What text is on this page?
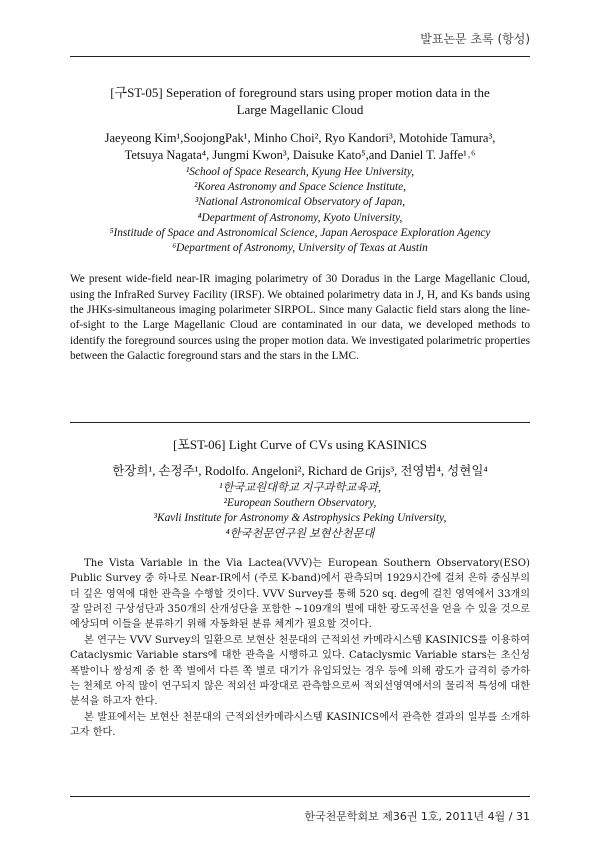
발표논문 초록 (항성)
[구ST-05] Seperation of foreground stars using proper motion data in the
Large Magellanic Cloud
Jaeyeong Kim¹,SoojongPak¹, Minho Choi², Ryo Kandori³, Motohide Tamura³,
Tetsuya Nagata⁴, Jungmi Kwon³, Daisuke Kato⁵,and Daniel T. Jaffe¹˒⁶
¹School of Space Research, Kyung Hee University,
²Korea Astronomy and Space Science Institute,
³National Astronomical Observatory of Japan,
⁴Department of Astronomy, Kyoto University,
⁵Institude of Space and Astronomical Science, Japan Aerospace Exploration Agency
⁶Department of Astronomy, University of Texas at Austin
We present wide-field near-IR imaging polarimetry of 30 Doradus in the Large Magellanic Cloud, using the InfraRed Survey Facility (IRSF). We obtained polarimetry data in J, H, and Ks bands using the JHKs-simultaneous imaging polarimeter SIRPOL. Since many Galactic field stars along the line-of-sight to the Large Magellanic Cloud are contaminated in our data, we developed methods to identify the foreground sources using the proper motion data. We investigated polarimetric properties between the Galactic foreground stars and the stars in the LMC.
[포ST-06] Light Curve of CVs using KASINICS
한장희¹, 손정주¹, Rodolfo. Angeloni², Richard de Grijs³, 전영범⁴, 성현일⁴
¹한국교원대학교 지구과학교육과,
²European Southern Observatory,
³Kavli Institute for Astronomy & Astrophysics Peking University,
⁴한국천문연구원 보현산천문대

The Vista Variable in the Via Lactea(VVV)는 European Southern Observatory(ESO) Public Survey 중 하나로 Near-IR에서 (주로 K-band)에서 관측되며 1929시간에 걸쳐 은하 중심부의 더 깊은 영역에 대한 관측을 수행할 것이다. VVV Survey를 통해 520 sq. deg에 걸친 영역에서 33개의 잘 알려진 구상성단과 350개의 산개성단을 포함한 ~109개의 별에 대한 광도곡선을 얻을 수 있을 것으로 예상되며 이들을 분류하기 위해 자동화된 분류 체계가 필요할 것이다.

본 연구는 VVV Survey의 일환으로 보현산 천문대의 근적외선 카메라시스템 KASINICS를 이용하여 Cataclysmic Variable stars에 대한 관측을 시행하고 있다. Cataclysmic Variable stars는 초신성 폭발이나 쌍성계 중 한 쪽 별에서 다른 쪽 별로 대기가 유입되었는 경우 등에 의해 광도가 급격히 증가하는 천체로 아직 많이 연구되지 않은 적외선 파장대로 관측함으로써 적외선영역에서의 물리적 특성에 대한 분석을 하고자 한다.

본 발표에서는 보현산 천문대의 근적외선카메라시스템 KASINICS에서 관측한 결과의 일부를 소개하고자 한다.

한국천문학회보 제36권 1호, 2011년 4월 / 31
